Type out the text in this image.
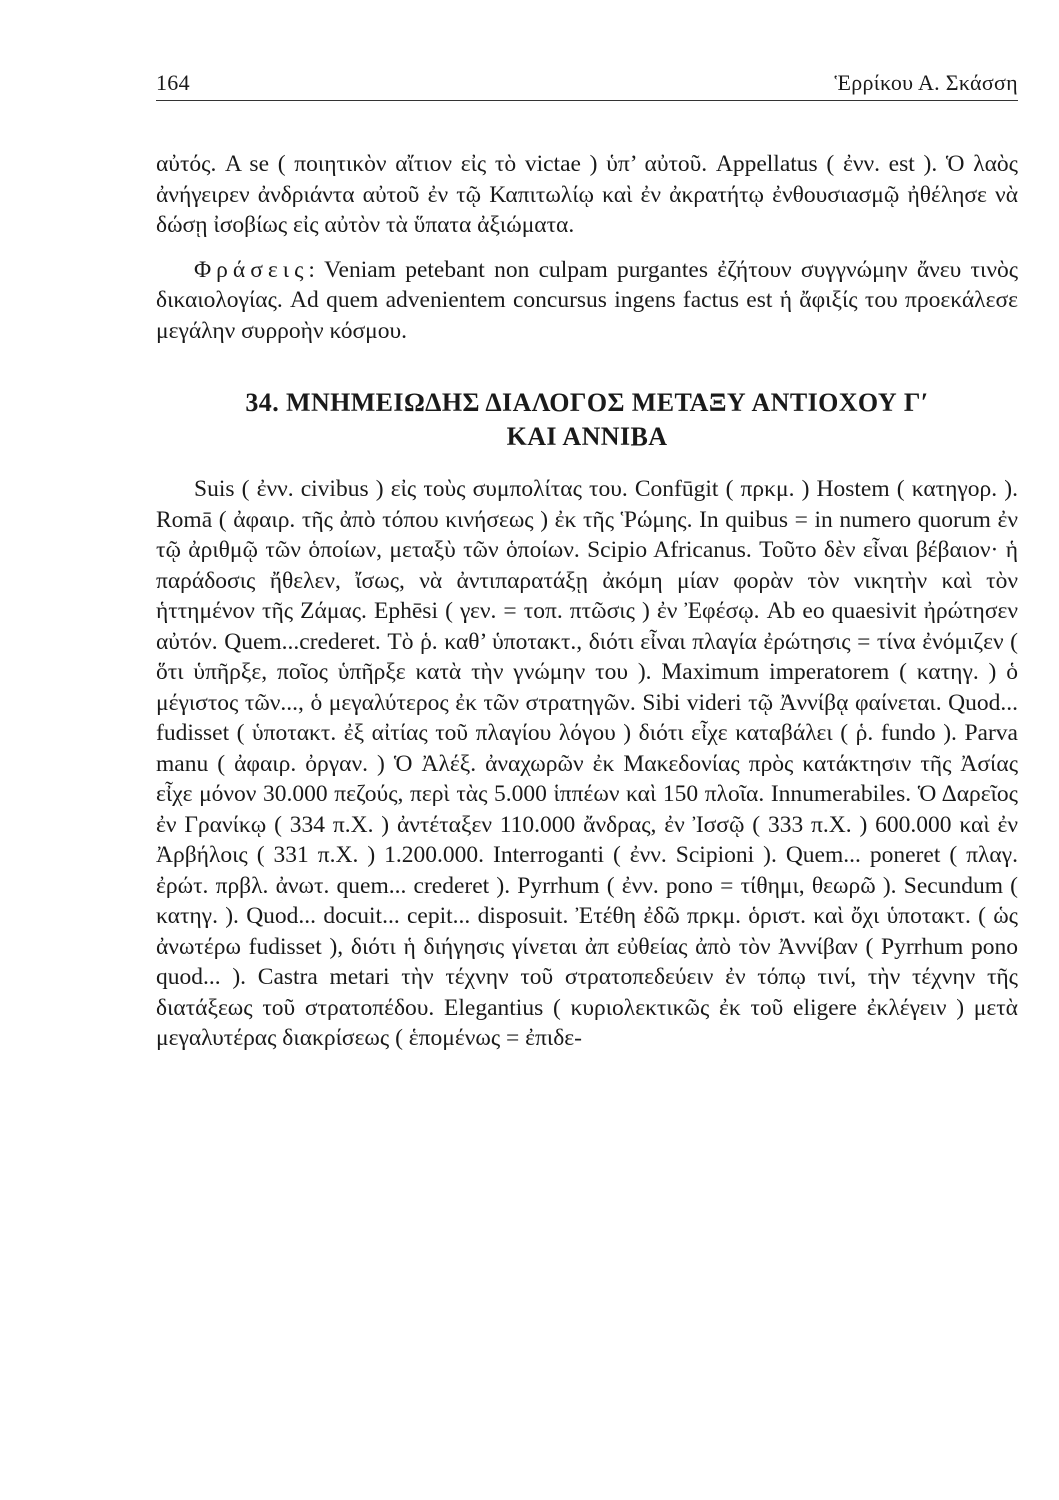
164	Ἑρρίκου Α. Σκάσση

αὐτός. A se ( ποιητικὸν αἴτιον εἰς τὸ victae ) ὑπ’ αὐτοῦ. Appellatus ( ἐνν. est ). Ὁ λαὸς ἀνήγειρεν ἀνδριάντα αὐτοῦ ἐν τῷ Καπιτωλίῳ καὶ ἐν ἀκρατήτῳ ἐνθουσιασμῷ ἠθέλησε νὰ δώσῃ ἰσοβίως εἰς αὐτὸν τὰ ὕπατα ἀξιώματα.

Φράσεις: Veniam petebant non culpam purgantes ἐζήτουν συγγνώμην ἄνευ τινὸς δικαιολογίας. Ad quem advenientem concursus ingens factus est ἡ ἄφιξίς του προεκάλεσε μεγάλην συρροὴν κόσμου.

34. ΜΝΗΜΕΙΩΔΗΣ ΔΙΑΛΟΓΟΣ ΜΕΤΑΞΥ ΑΝΤΙΟΧΟΥ Γ′
ΚΑΙ ΑΝΝΙΒΑ

Suis ( ἐνν. civibus ) εἰς τοὺς συμπολίτας του. Confūgit ( πρκμ. ) Hostem ( κατηγορ. ). Romā ( ἀφαιρ. τῆς ἀπὸ τόπου κινήσεως ) ἐκ τῆς Ῥώμης. In quibus = in numero quorum ἐν τῷ ἀριθμῷ τῶν ὁποίων, μεταξὺ τῶν ὁποίων. Scipio Africanus. Τοῦτο δὲν εἶναι βέβαιον· ἡ παράδοσις ἤθελεν, ἴσως, νὰ ἀντιπαρατάξῃ ἀκόμη μίαν φορὰν τὸν νικητὴν καὶ τὸν ἡττημένον τῆς Ζάμας. Ephēsi ( γεν. = τοπ. πτῶσις ) ἐν Ἐφέσῳ. Ab eo quaesivit ἠρώτησεν αὐτόν. Quem...crederet. Τὸ ῥ. καθ’ ὑποτακτ., διότι εἶναι πλαγία ἐρώτησις = τίνα ἐνόμιζεν ( ὅτι ὑπῆρξε, ποῖος ὑπῆρξε κατὰ τὴν γνώμην του ). Maximum imperatorem ( κατηγ. ) ὁ μέγιστος τῶν..., ὁ μεγαλύτερος ἐκ τῶν στρατηγῶν. Sibi videri τῷ Ἀννίβᾳ φαίνεται. Quod... fudisset ( ὑποτακτ. ἐξ αἰτίας τοῦ πλαγίου λόγου ) διότι εἶχε καταβάλει ( ῥ. fundo ). Parva manu ( ἀφαιρ. ὀργαν. ) Ὁ Ἀλέξ. ἀναχωρῶν ἐκ Μακεδονίας πρὸς κατάκτησιν τῆς Ἀσίας εἶχε μόνον 30.000 πεζούς, περὶ τὰς 5.000 ἱππέων καὶ 150 πλοῖα. Innumerabiles. Ὁ Δαρεῖος ἐν Γρανίκῳ ( 334 π.Χ. ) ἀντέταξεν 110.000 ἄνδρας, ἐν Ἰσσῷ ( 333 π.Χ. ) 600.000 καὶ ἐν Ἀρβήλοις ( 331 π.Χ. ) 1.200.000. Interroganti ( ἐνν. Scipioni ). Quem... poneret ( πλαγ. ἐρώτ. πρβλ. ἀνωτ. quem... crederet ). Pyrrhum ( ἐνν. pono = τίθημι, θεωρῶ ). Secundum ( κατηγ. ). Quod... docuit... cepit... disposuit. Ἐτέθη ἐδῶ πρκμ. ὁριστ. καὶ ὄχι ὑποτακτ. ( ὡς ἀνωτέρω fudisset ), διότι ἡ διήγησις γίνεται ἀπ εὐθείας ἀπὸ τὸν Ἀννίβαν ( Pyrrhum pono quod... ). Castra metari τὴν τέχνην τοῦ στρατοπεδεύειν ἐν τόπῳ τινί, τὴν τέχνην τῆς διατάξεως τοῦ στρατοπέδου. Elegantius ( κυριολεκτικῶς ἐκ τοῦ eligere ἐκλέγειν ) μετὰ μεγαλυτέρας διακρίσεως ( ἑπομένως = ἐπιδε-
